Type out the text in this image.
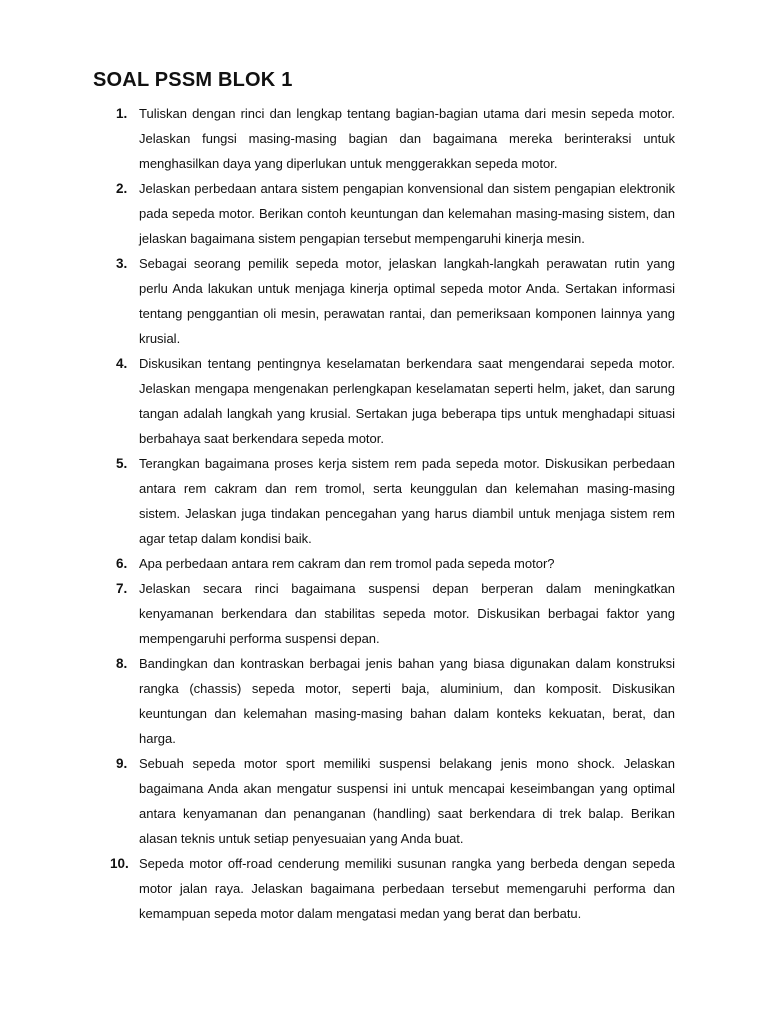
SOAL PSSM BLOK 1
1. Tuliskan dengan rinci dan lengkap tentang bagian-bagian utama dari mesin sepeda motor. Jelaskan fungsi masing-masing bagian dan bagaimana mereka berinteraksi untuk menghasilkan daya yang diperlukan untuk menggerakkan sepeda motor.
2. Jelaskan perbedaan antara sistem pengapian konvensional dan sistem pengapian elektronik pada sepeda motor. Berikan contoh keuntungan dan kelemahan masing-masing sistem, dan jelaskan bagaimana sistem pengapian tersebut mempengaruhi kinerja mesin.
3. Sebagai seorang pemilik sepeda motor, jelaskan langkah-langkah perawatan rutin yang perlu Anda lakukan untuk menjaga kinerja optimal sepeda motor Anda. Sertakan informasi tentang penggantian oli mesin, perawatan rantai, dan pemeriksaan komponen lainnya yang krusial.
4. Diskusikan tentang pentingnya keselamatan berkendara saat mengendarai sepeda motor. Jelaskan mengapa mengenakan perlengkapan keselamatan seperti helm, jaket, dan sarung tangan adalah langkah yang krusial. Sertakan juga beberapa tips untuk menghadapi situasi berbahaya saat berkendara sepeda motor.
5. Terangkan bagaimana proses kerja sistem rem pada sepeda motor. Diskusikan perbedaan antara rem cakram dan rem tromol, serta keunggulan dan kelemahan masing-masing sistem. Jelaskan juga tindakan pencegahan yang harus diambil untuk menjaga sistem rem agar tetap dalam kondisi baik.
6. Apa perbedaan antara rem cakram dan rem tromol pada sepeda motor?
7. Jelaskan secara rinci bagaimana suspensi depan berperan dalam meningkatkan kenyamanan berkendara dan stabilitas sepeda motor. Diskusikan berbagai faktor yang mempengaruhi performa suspensi depan.
8. Bandingkan dan kontraskan berbagai jenis bahan yang biasa digunakan dalam konstruksi rangka (chassis) sepeda motor, seperti baja, aluminium, dan komposit. Diskusikan keuntungan dan kelemahan masing-masing bahan dalam konteks kekuatan, berat, dan harga.
9. Sebuah sepeda motor sport memiliki suspensi belakang jenis mono shock. Jelaskan bagaimana Anda akan mengatur suspensi ini untuk mencapai keseimbangan yang optimal antara kenyamanan dan penanganan (handling) saat berkendara di trek balap. Berikan alasan teknis untuk setiap penyesuaian yang Anda buat.
10. Sepeda motor off-road cenderung memiliki susunan rangka yang berbeda dengan sepeda motor jalan raya. Jelaskan bagaimana perbedaan tersebut memengaruhi performa dan kemampuan sepeda motor dalam mengatasi medan yang berat dan berbatu.
